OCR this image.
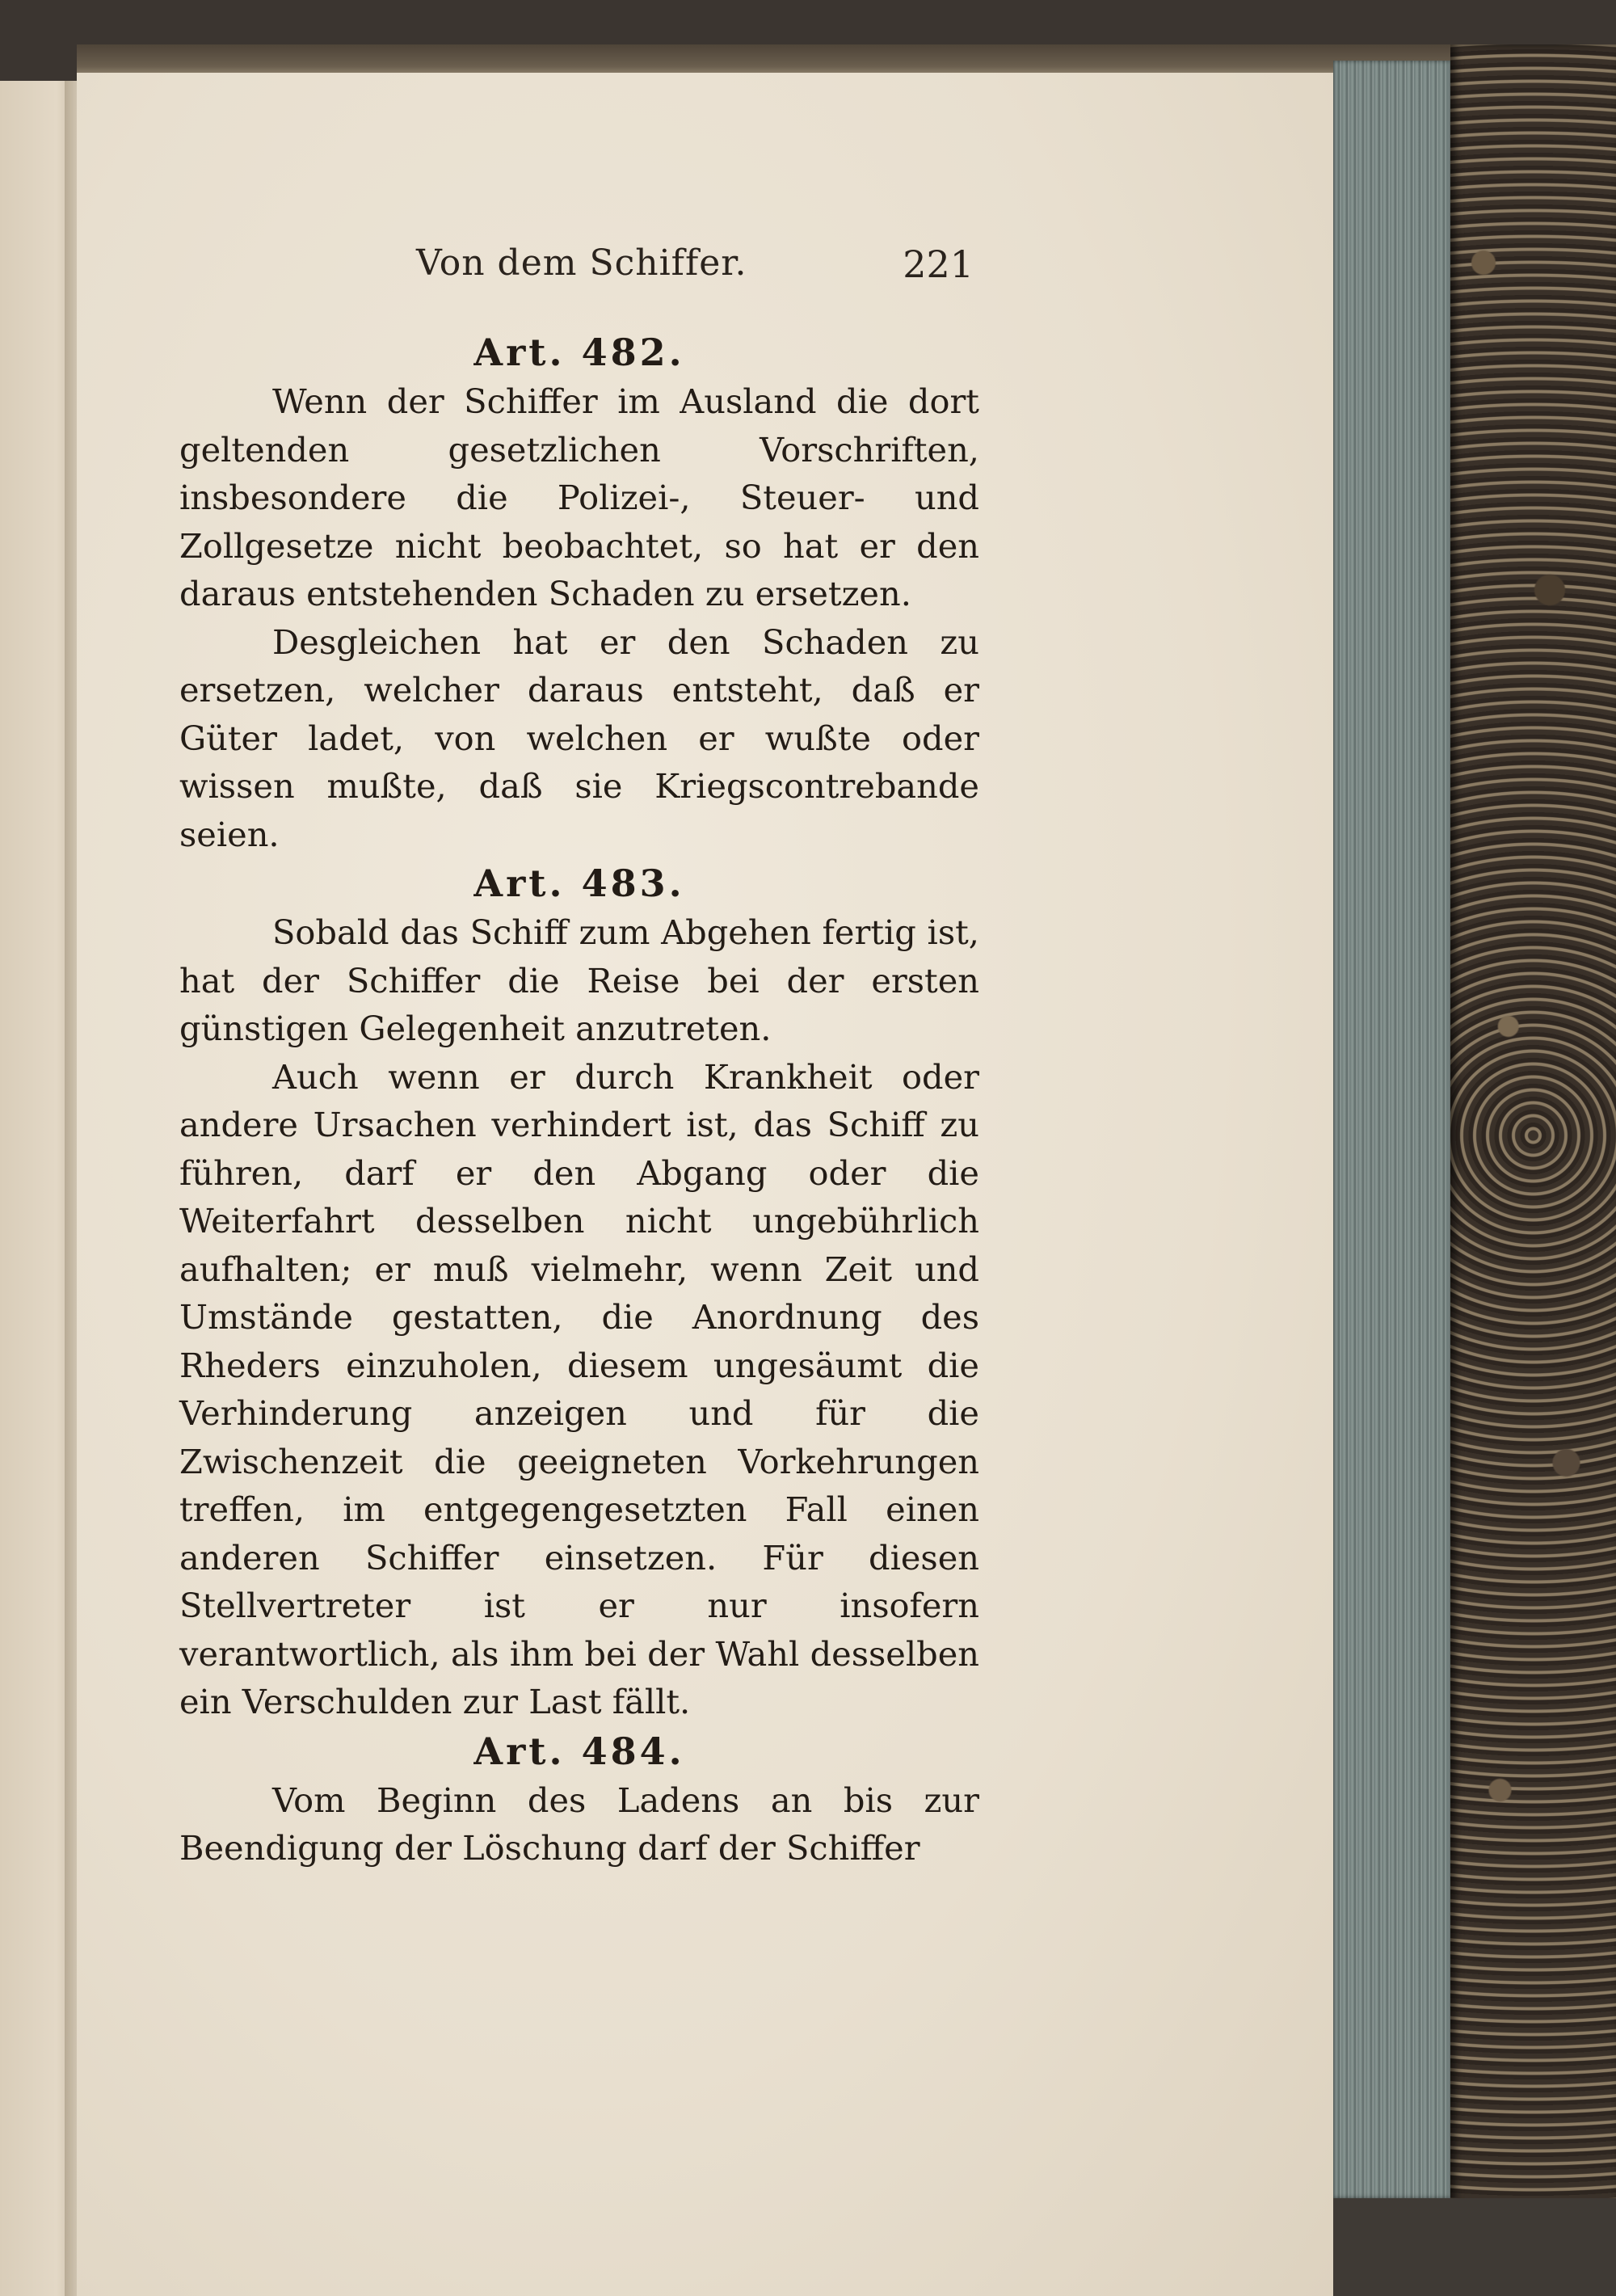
Von dem Schiffer.	221
Art. 482.

Wenn der Schiffer im Ausland die dort geltenden gesetzlichen Vorschriften, insbesondere die Polizei-, Steuer- und Zollgesetze nicht beobachtet, so hat er den daraus entstehenden Schaden zu ersetzen.

Desgleichen hat er den Schaden zu ersetzen, welcher daraus entsteht, daß er Güter ladet, von welchen er wußte oder wissen mußte, daß sie Kriegscontrebande seien.

Art. 483.

Sobald das Schiff zum Abgehen fertig ist, hat der Schiffer die Reise bei der ersten günstigen Gelegenheit anzutreten.

Auch wenn er durch Krankheit oder andere Ursachen verhindert ist, das Schiff zu führen, darf er den Abgang oder die Weiterfahrt desselben nicht ungebührlich aufhalten; er muß vielmehr, wenn Zeit und Umstände gestatten, die Anordnung des Rheders einzuholen, diesem ungesäumt die Verhinderung anzeigen und für die Zwischenzeit die geeigneten Vorkehrungen treffen, im entgegengesetzten Fall einen anderen Schiffer einsetzen. Für diesen Stellvertreter ist er nur insofern verantwortlich, als ihm bei der Wahl desselben ein Verschulden zur Last fällt.

Art. 484.

Vom Beginn des Ladens an bis zur Beendigung der Löschung darf der Schiffer
